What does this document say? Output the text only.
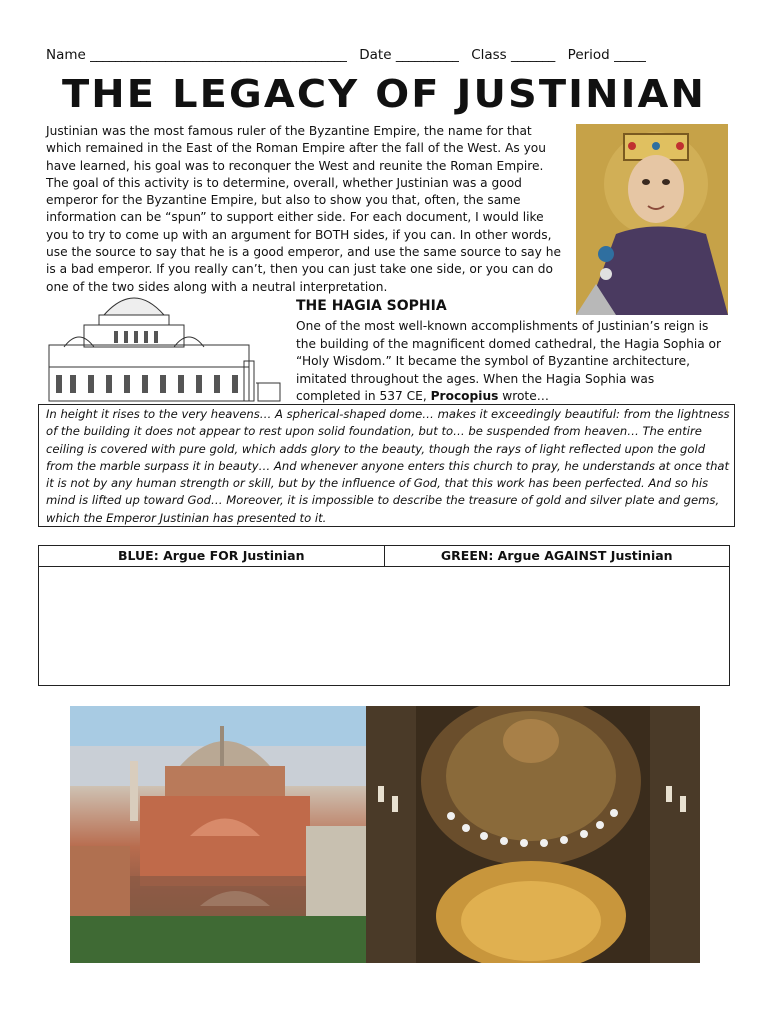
Name _________________________________________ Date __________ Class _______ Period _____
THE LEGACY OF JUSTINIAN
Justinian was the most famous ruler of the Byzantine Empire, the name for that which remained in the East of the Roman Empire after the fall of the West. As you have learned, his goal was to reconquer the West and reunite the Roman Empire. The goal of this activity is to determine, overall, whether Justinian was a good emperor for the Byzantine Empire, but also to show you that, often, the same information can be “spun” to support either side. For each document, I would like you to try to come up with an argument for BOTH sides, if you can. In other words, use the source to say that he is a good emperor, and use the same source to say he is a bad emperor. If you really can’t, then you can just take one side, or you can do one of the two sides along with a neutral interpretation.
THE HAGIA SOPHIA
One of the most well-known accomplishments of Justinian’s reign is the building of the magnificent domed cathedral, the Hagia Sophia or “Holy Wisdom.” It became the symbol of Byzantine architecture, imitated throughout the ages. When the Hagia Sophia was completed in 537 CE, Procopius wrote…
In height it rises to the very heavens… A spherical-shaped dome… makes it exceedingly beautiful: from the lightness of the building it does not appear to rest upon solid foundation, but to… be suspended from heaven… The entire ceiling is covered with pure gold, which adds glory to the beauty, though the rays of light reflected upon the gold from the marble surpass it in beauty… And whenever anyone enters this church to pray, he understands at once that it is not by any human strength or skill, but by the influence of God, that this work has been perfected. And so his mind is lifted up toward God… Moreover, it is impossible to describe the treasure of gold and silver plate and gems, which the Emperor Justinian has presented to it.
BLUE: Argue FOR Justinian	GREEN: Argue AGAINST Justinian
